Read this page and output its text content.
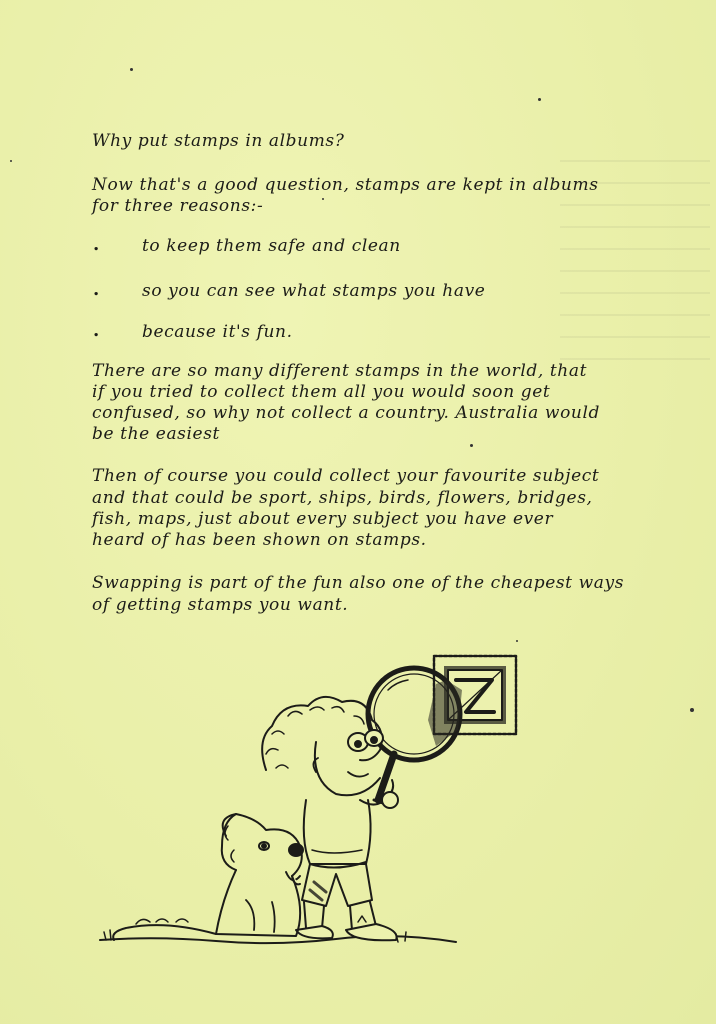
Why put stamps in albums?
Now that's a good question, stamps are kept in albums
for three reasons:-
.	to keep them safe and clean
.	so you can see what stamps you have
.	because it's fun.
There are so many different stamps in the world, that
if you tried to collect them all you would soon get
confused, so why not collect a country. Australia would
be the easiest
Then of course you could collect your favourite subject
and that could be sport, ships, birds, flowers, bridges,
fish, maps, just about every subject you have ever
heard of has been shown on stamps.
Swapping is part of the fun also one of the cheapest ways
of getting stamps you want.
